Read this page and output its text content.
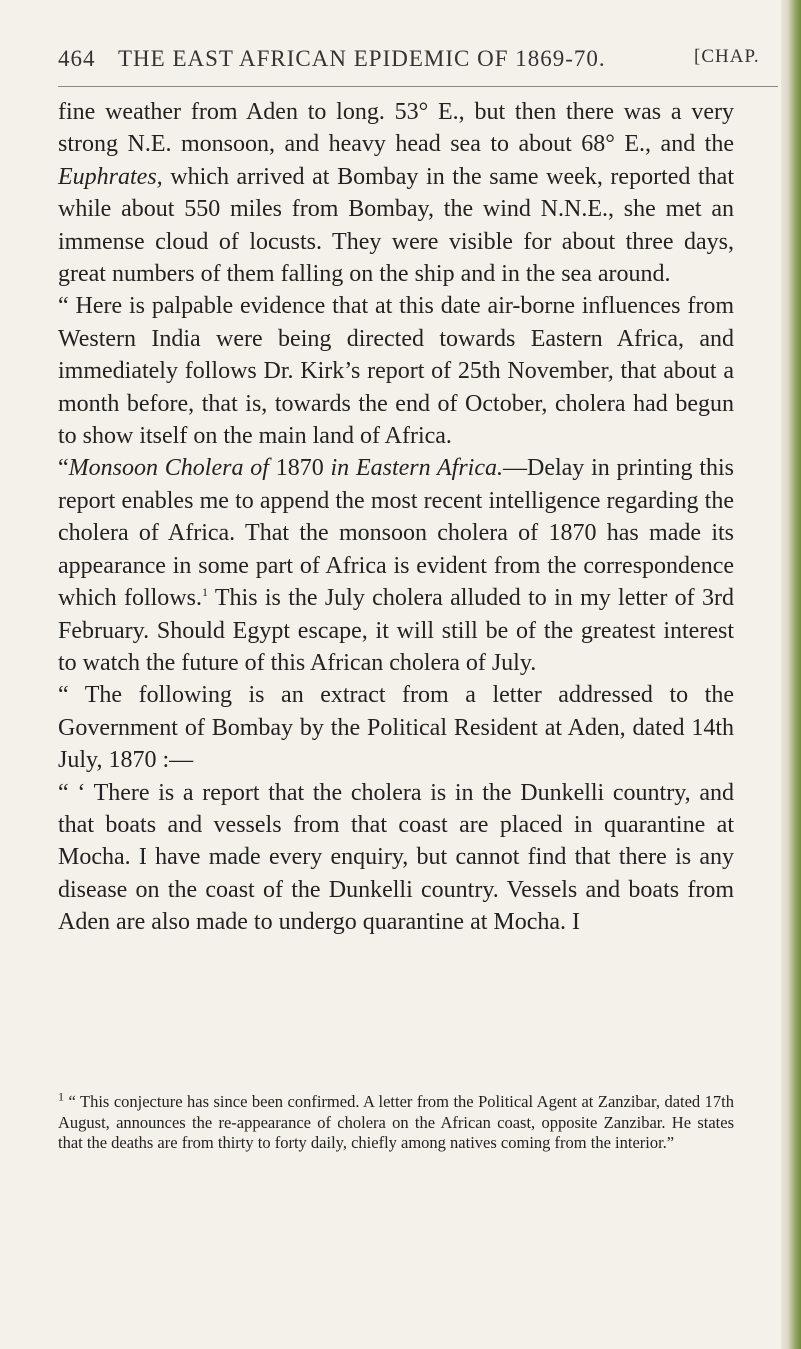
464 THE EAST AFRICAN EPIDEMIC OF 1869-70.	[CHAP.

fine weather from Aden to long. 53° E., but then there was a very strong N.E. monsoon, and heavy head sea to about 68° E., and the Euphrates, which arrived at Bombay in the same week, reported that while about 550 miles from Bombay, the wind N.N.E., she met an immense cloud of locusts. They were visible for about three days, great numbers of them falling on the ship and in the sea around.

“ Here is palpable evidence that at this date air-borne influences from Western India were being directed towards Eastern Africa, and immediately follows Dr. Kirk’s report of 25th November, that about a month before, that is, towards the end of October, cholera had begun to show itself on the main land of Africa.

“Monsoon Cholera of 1870 in Eastern Africa.—Delay in printing this report enables me to append the most recent intelligence regarding the cholera of Africa. That the monsoon cholera of 1870 has made its appearance in some part of Africa is evident from the correspondence which follows.$^1$ This is the July cholera alluded to in my letter of 3rd February. Should Egypt escape, it will still be of the greatest interest to watch the future of this African cholera of July.

“ The following is an extract from a letter addressed to the Government of Bombay by the Political Resident at Aden, dated 14th July, 1870 :—

“ ‘ There is a report that the cholera is in the Dunkelli country, and that boats and vessels from that coast are placed in quarantine at Mocha. I have made every enquiry, but cannot find that there is any disease on the coast of the Dunkelli country. Vessels and boats from Aden are also made to undergo quarantine at Mocha. I

$^1$ “ This conjecture has since been confirmed. A letter from the Political Agent at Zanzibar, dated 17th August, announces the re-appearance of cholera on the African coast, opposite Zanzibar. He states that the deaths are from thirty to forty daily, chiefly among natives coming from the interior.”
